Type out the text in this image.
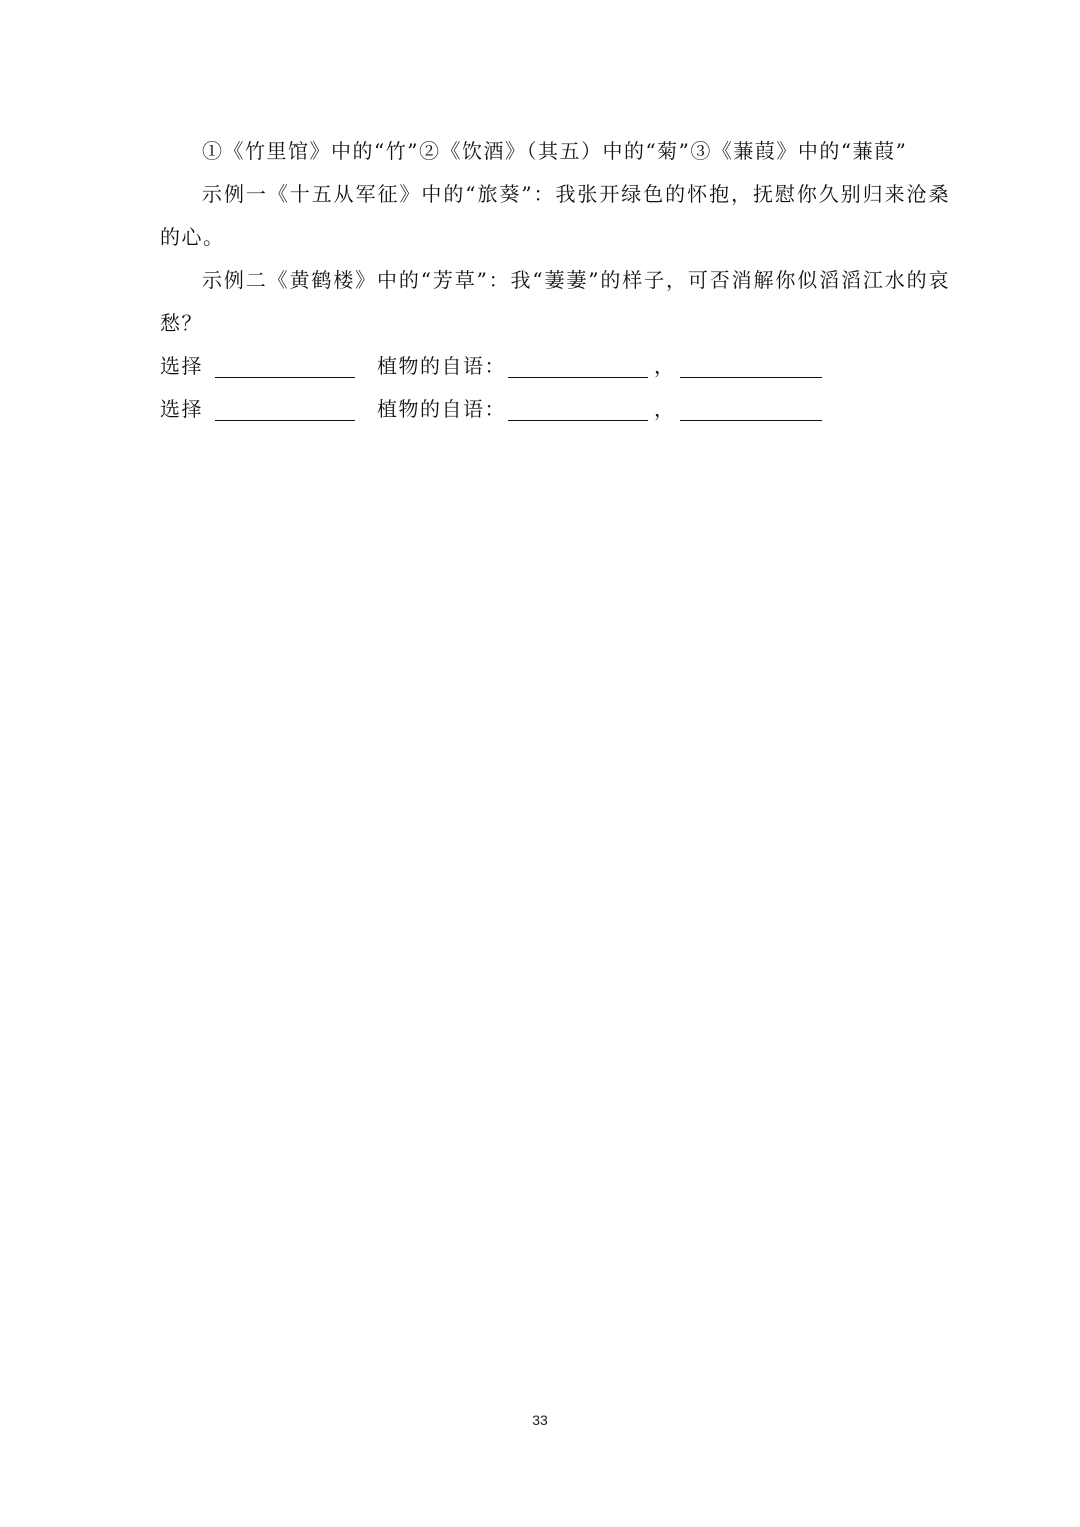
①《竹里馆》中的“竹”②《饮酒》（其五）中的“菊”③《蒹葭》中的“蒹葭”

示例一《十五从军征》中的“旅葵”：我张开绿色的怀抱，抚慰你久别归来沧桑的心。

示例二《黄鹤楼》中的“芳草”：我“萋萋”的样子，可否消解你似滔滔江水的哀愁？

选择	植物的自语：	，
选择	植物的自语：	，
33
